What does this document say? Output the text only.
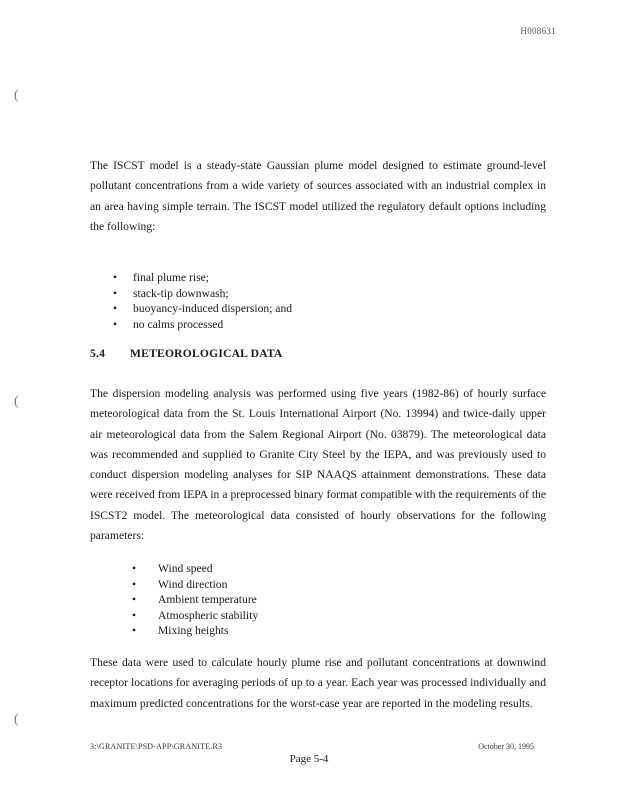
H008631
(
(
(

The ISCST model is a steady-state Gaussian plume model designed to estimate ground-level pollutant concentrations from a wide variety of sources associated with an industrial complex in an area having simple terrain. The ISCST model utilized the regulatory default options including the following:

• final plume rise;
• stack-tip downwash;
• buoyancy-induced dispersion; and
• no calms processed
5.4 METEOROLOGICAL DATA

The dispersion modeling analysis was performed using five years (1982-86) of hourly surface meteorological data from the St. Louis International Airport (No. 13994) and twice-daily upper air meteorological data from the Salem Regional Airport (No. 03879). The meteorological data was recommended and supplied to Granite City Steel by the IEPA, and was previously used to conduct dispersion modeling analyses for SIP NAAQS attainment demonstrations. These data were received from IEPA in a preprocessed binary format compatible with the requirements of the ISCST2 model. The meteorological data consisted of hourly observations for the following parameters:

• Wind speed
• Wind direction
• Ambient temperature
• Atmospheric stability
• Mixing heights

These data were used to calculate hourly plume rise and pollutant concentrations at downwind receptor locations for averaging periods of up to a year. Each year was processed individually and maximum predicted concentrations for the worst-case year are reported in the modeling results.

3:\GRANITE\PSD-APP\GRANITE.R3	October 30, 1995
Page 5-4
